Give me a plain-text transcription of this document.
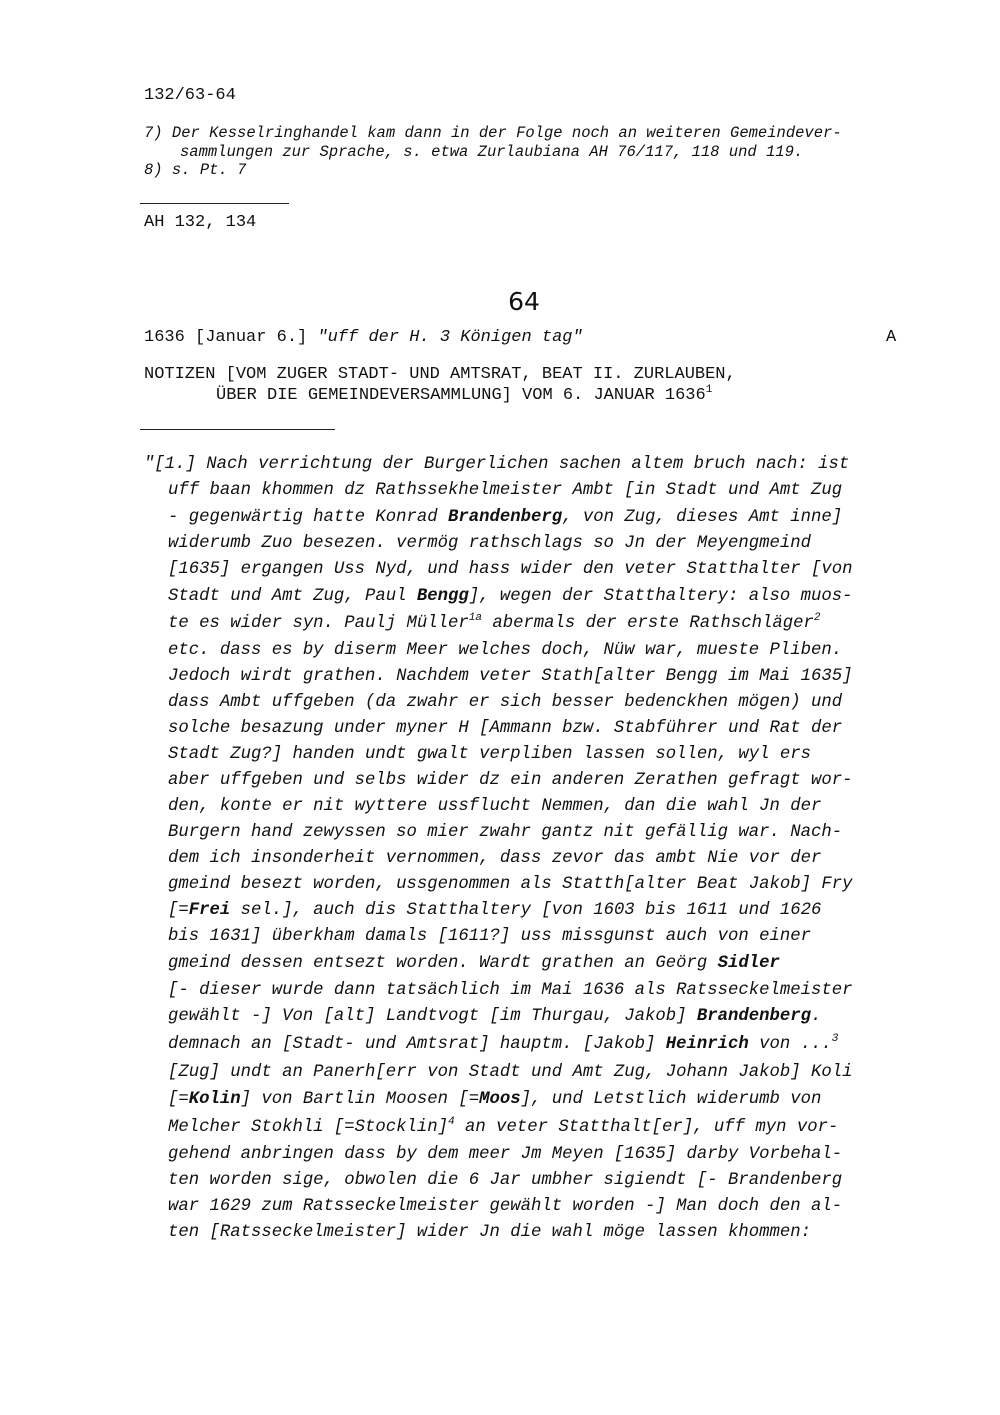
132/63-64
7) Der Kesselringhandel kam dann in der Folge noch an weiteren Gemeindever-
sammlungen zur Sprache, s. etwa Zurlaubiana AH 76/117, 118 und 119.
8) s. Pt. 7
AH 132, 134
64
1636 [Januar 6.] "uff der H. 3 Königen tag"	A
NOTIZEN [VOM ZUGER STADT- UND AMTSRAT, BEAT II. ZURLAUBEN,
ÜBER DIE GEMEINDEVERSAMMLUNG] VOM 6. JANUAR 1636$^1$
"[1.] Nach verrichtung der Burgerlichen sachen altem bruch nach: ist
uff baan khommen dz Rathssekhelmeister Ambt [in Stadt und Amt Zug
- gegenwärtig hatte Konrad Brandenberg, von Zug, dieses Amt inne]
widerumb Zuo besezen. vermög rathschlags so Jn der Meyengmeind
[1635] ergangen Uss Nyd, und hass wider den veter Statthalter [von
Stadt und Amt Zug, Paul Bengg], wegen der Statthaltery: also muos-
te es wider syn. Paulj Müller$^{1a}$ abermals der erste Rathschläger$^2$
etc. dass es by diserm Meer welches doch, Nüw war, mueste Pliben.
Jedoch wirdt grathen. Nachdem veter Stath[alter Bengg im Mai 1635]
dass Ambt uffgeben (da zwahr er sich besser bedenckhen mögen) und
solche besazung under myner H [Ammann bzw. Stabführer und Rat der
Stadt Zug?] handen undt gwalt verpliben lassen sollen, wyl ers
aber uffgeben und selbs wider dz ein anderen Zerathen gefragt wor-
den, konte er nit wyttere ussflucht Nemmen, dan die wahl Jn der
Burgern hand zewyssen so mier zwahr gantz nit gefällig war. Nach-
dem ich insonderheit vernommen, dass zevor das ambt Nie vor der
gmeind besezt worden, ussgenommen als Statth[alter Beat Jakob] Fry
[=Frei sel.], auch dis Statthaltery [von 1603 bis 1611 und 1626
bis 1631] überkham damals [1611?] uss missgunst auch von einer
gmeind dessen entsezt worden. Wardt grathen an Geörg Sidler
[- dieser wurde dann tatsächlich im Mai 1636 als Ratsseckelmeister
gewählt -] Von [alt] Landtvogt [im Thurgau, Jakob] Brandenberg.
demnach an [Stadt- und Amtsrat] hauptm. [Jakob] Heinrich von ...$^3$
[Zug] undt an Panerh[err von Stadt und Amt Zug, Johann Jakob] Koli
[=Kolin] von Bartlin Moosen [=Moos], und Letstlich widerumb von
Melcher Stokhli [=Stocklin]$^4$ an veter Statthalt[er], uff myn vor-
gehend anbringen dass by dem meer Jm Meyen [1635] darby Vorbehal-
ten worden sige, obwolen die 6 Jar umbher sigiendt [- Brandenberg
war 1629 zum Ratsseckelmeister gewählt worden -] Man doch den al-
ten [Ratsseckelmeister] wider Jn die wahl möge lassen khommen:
